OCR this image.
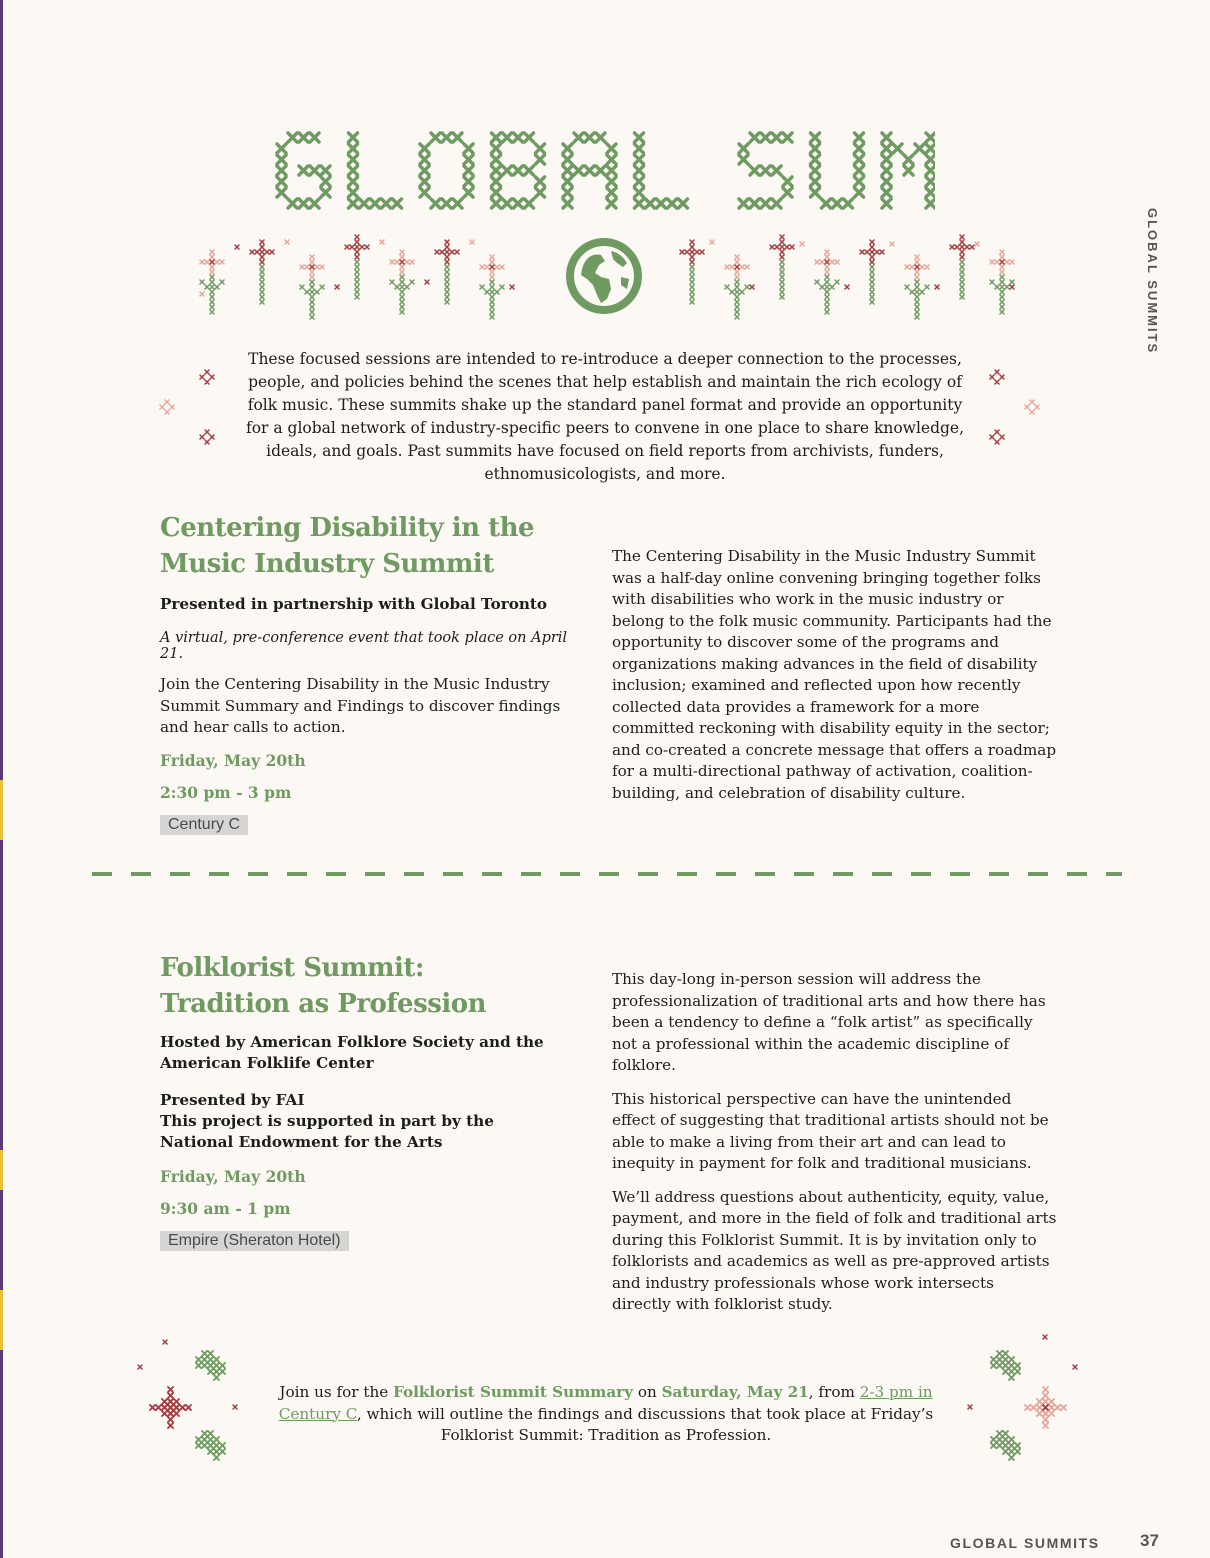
GLOBAL SUMMITS
These focused sessions are intended to re-introduce a deeper connection to the processes, people, and policies behind the scenes that help establish and maintain the rich ecology of folk music. These summits shake up the standard panel format and provide an opportunity for a global network of industry-specific peers to convene in one place to share knowledge, ideals, and goals. Past summits have focused on field reports from archivists, funders, ethnomusicologists, and more.
Centering Disability in the
Music Industry Summit

Presented in partnership with Global Toronto

A virtual, pre-conference event that took place on April 21.

Join the Centering Disability in the Music Industry Summit Summary and Findings to discover findings and hear calls to action.

Friday, May 20th

2:30 pm - 3 pm

Century C
The Centering Disability in the Music Industry Summit was a half-day online convening bringing together folks with disabilities who work in the music industry or belong to the folk music community. Participants had the opportunity to discover some of the programs and organizations making advances in the field of disability inclusion; examined and reflected upon how recently collected data provides a framework for a more committed reckoning with disability equity in the sector; and co-created a concrete message that offers a roadmap for a multi-directional pathway of activation, coalition-building, and celebration of disability culture.
Folklorist Summit:
Tradition as Profession

Hosted by American Folklore Society and the
American Folklife Center

Presented by FAI
This project is supported in part by the
National Endowment for the Arts

Friday, May 20th

9:30 am - 1 pm

Empire (Sheraton Hotel)

This day-long in-person session will address the professionalization of traditional arts and how there has been a tendency to define a “folk artist” as specifically not a professional within the academic discipline of folklore.

This historical perspective can have the unintended effect of suggesting that traditional artists should not be able to make a living from their art and can lead to inequity in payment for folk and traditional musicians.

We’ll address questions about authenticity, equity, value, payment, and more in the field of folk and traditional arts during this Folklorist Summit. It is by invitation only to folklorists and academics as well as pre-approved artists and industry professionals whose work intersects directly with folklorist study.

Join us for the Folklorist Summit Summary on Saturday, May 21, from 2-3 pm in Century C, which will outline the findings and discussions that took place at Friday’s Folklorist Summit: Tradition as Profession.
GLOBAL SUMMITS 37
